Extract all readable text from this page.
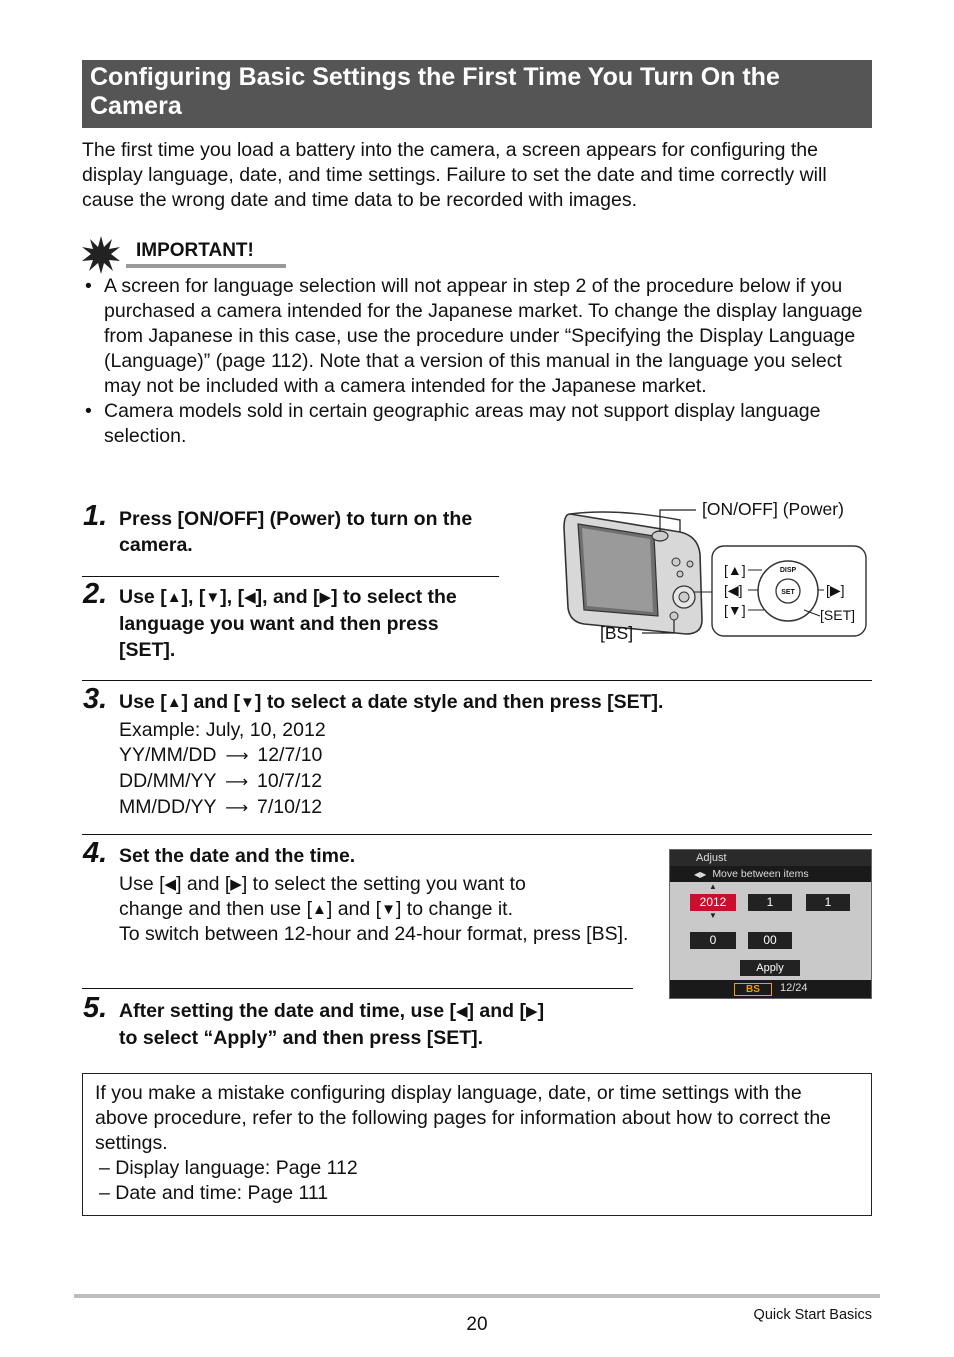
Configuring Basic Settings the First Time You Turn On the Camera
The first time you load a battery into the camera, a screen appears for configuring the display language, date, and time settings. Failure to set the date and time correctly will cause the wrong date and time data to be recorded with images.
IMPORTANT!
• A screen for language selection will not appear in step 2 of the procedure below if you purchased a camera intended for the Japanese market. To change the display language from Japanese in this case, use the procedure under “Specifying the Display Language (Language)” (page 112). Note that a version of this manual in the language you select may not be included with a camera intended for the Japanese market.
• Camera models sold in certain geographic areas may not support display language selection.
1. Press [ON/OFF] (Power) to turn on the camera.
2. Use [▲], [▼], [◀], and [▶] to select the language you want and then press [SET].
[ON/OFF] (Power)
[BS]
SET
DISP
[▲]
[◀]
[▼]
[▶]
[SET]
3. Use [▲] and [▼] to select a date style and then press [SET].
Example: July, 10, 2012
YY/MM/DD ⟶ 12/7/10
DD/MM/YY ⟶ 10/7/12
MM/DD/YY ⟶ 7/10/12
4. Set the date and the time.
Use [◀] and [▶] to select the setting you want to
change and then use [▲] and [▼] to change it.
To switch between 12-hour and 24-hour format, press [BS].
Adjust
◀▶ Move between items
▲
2012
▼
1	1
0	00
Apply
BS	12/24
5. After setting the date and time, use [◀] and [▶]
to select “Apply” and then press [SET].
If you make a mistake configuring display language, date, or time settings with the above procedure, refer to the following pages for information about how to correct the settings.
– Display language: Page 112
– Date and time: Page 111
20	Quick Start Basics
